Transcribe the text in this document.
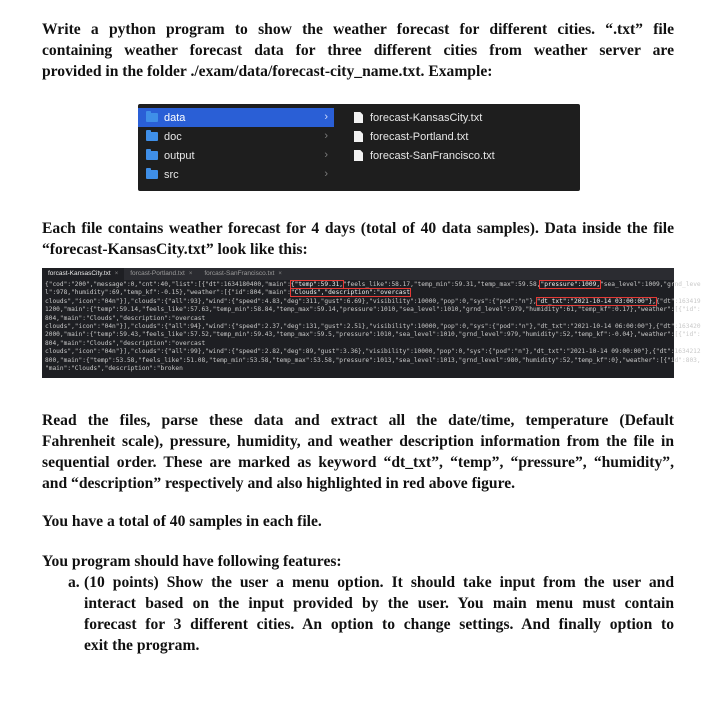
Write a python program to show the weather forecast for different cities. “.txt” file
containing weather forecast data for three different cities from weather server are
provided in the folder ./exam/data/forecast-city_name.txt. Example:
data	›
doc	›
output	›
src	›
forecast-KansasCity.txt
forecast-Portland.txt
forecast-SanFrancisco.txt
Each file contains weather forecast for 4 days (total of 40 data samples). Data inside the file
“forecast-KansasCity.txt” look like this:
forcast-KansasCity.txt × forcast-Portland.txt × forcast-SanFrancisco.txt ×
{"cod":"200","message":0,"cnt":40,"list":[{"dt":1634180400,"main":{"temp":59.31,"feels_like":58.17,"temp_min":59.31,"temp_max":59.58,"pressure":1009,"sea_level":1009,"grnd_leve
l":978,"humidity":69,"temp_kf":-0.15},"weather":[{"id":804,"main":"Clouds","description":"overcast
clouds","icon":"04n"}],"clouds":{"all":93},"wind":{"speed":4.83,"deg":311,"gust":6.69},"visibility":10000,"pop":0,"sys":{"pod":"n"},"dt_txt":"2021-10-14 03:00:00"},{"dt":163419
1200,"main":{"temp":59.14,"feels_like":57.63,"temp_min":58.84,"temp_max":59.14,"pressure":1010,"sea_level":1010,"grnd_level":979,"humidity":61,"temp_kf":0.17},"weather":[{"id":
804,"main":"Clouds","description":"overcast
clouds","icon":"04n"}],"clouds":{"all":94},"wind":{"speed":2.37,"deg":131,"gust":2.51},"visibility":10000,"pop":0,"sys":{"pod":"n"},"dt_txt":"2021-10-14 06:00:00"},{"dt":163420
2000,"main":{"temp":59.43,"feels_like":57.52,"temp_min":59.43,"temp_max":59.5,"pressure":1010,"sea_level":1010,"grnd_level":979,"humidity":52,"temp_kf":-0.04},"weather":[{"id":
804,"main":"Clouds","description":"overcast
clouds","icon":"04n"}],"clouds":{"all":99},"wind":{"speed":2.82,"deg":89,"gust":3.36},"visibility":10000,"pop":0,"sys":{"pod":"n"},"dt_txt":"2021-10-14 09:00:00"},{"dt":1634212
800,"main":{"temp":53.58,"feels_like":51.08,"temp_min":53.58,"temp_max":53.58,"pressure":1013,"sea_level":1013,"grnd_level":980,"humidity":52,"temp_kf":0},"weather":[{"id":803,
"main":"Clouds","description":"broken
Read the files, parse these data and extract all the date/time, temperature (Default
Fahrenheit scale), pressure, humidity, and weather description information from the file in
sequential order. These are marked as keyword “dt_txt”, “temp”, “pressure”, “humidity”,
and “description” respectively and also highlighted in red above figure.
You have a total of 40 samples in each file.
You program should have following features:
a. (10 points) Show the user a menu option. It should take input from the user and
interact based on the input provided by the user. You main menu must contain
forecast for 3 different cities. An option to change settings. And finally option to
exit the program.
